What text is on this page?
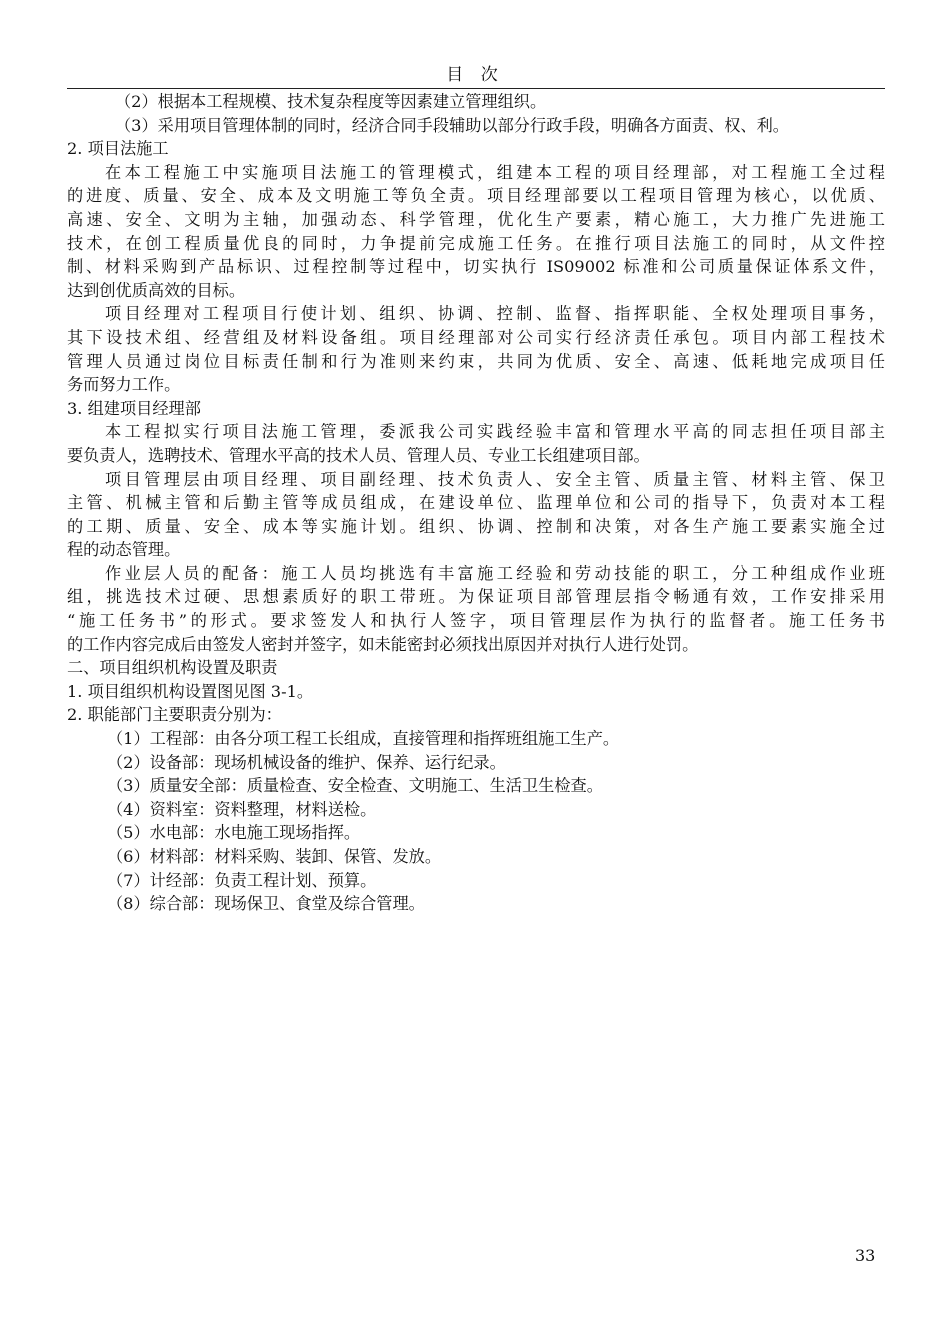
目 次
（2）根据本工程规模、技术复杂程度等因素建立管理组织。
（3）采用项目管理体制的同时，经济合同手段辅助以部分行政手段，明确各方面责、权、利。
2. 项目法施工
在本工程施工中实施项目法施工的管理模式，组建本工程的项目经理部，对工程施工全过程
的进度、质量、安全、成本及文明施工等负全责。项目经理部要以工程项目管理为核心，以优质、
高速、安全、文明为主轴，加强动态、科学管理，优化生产要素，精心施工，大力推广先进施工
技术，在创工程质量优良的同时，力争提前完成施工任务。在推行项目法施工的同时，从文件控
制、材料采购到产品标识、过程控制等过程中，切实执行 IS09002 标准和公司质量保证体系文件，
达到创优质高效的目标。
项目经理对工程项目行使计划、组织、协调、控制、监督、指挥职能、全权处理项目事务，
其下设技术组、经营组及材料设备组。项目经理部对公司实行经济责任承包。项目内部工程技术
管理人员通过岗位目标责任制和行为准则来约束，共同为优质、安全、高速、低耗地完成项目任
务而努力工作。
3. 组建项目经理部
本工程拟实行项目法施工管理，委派我公司实践经验丰富和管理水平高的同志担任项目部主
要负责人，选聘技术、管理水平高的技术人员、管理人员、专业工长组建项目部。
项目管理层由项目经理、项目副经理、技术负责人、安全主管、质量主管、材料主管、保卫
主管、机械主管和后勤主管等成员组成，在建设单位、监理单位和公司的指导下，负责对本工程
的工期、质量、安全、成本等实施计划。组织、协调、控制和决策，对各生产施工要素实施全过
程的动态管理。
作业层人员的配备：施工人员均挑选有丰富施工经验和劳动技能的职工，分工种组成作业班
组，挑选技术过硬、思想素质好的职工带班。为保证项目部管理层指令畅通有效，工作安排采用
“施工任务书”的形式。要求签发人和执行人签字，项目管理层作为执行的监督者。施工任务书
的工作内容完成后由签发人密封并签字，如未能密封必须找出原因并对执行人进行处罚。
二、项目组织机构设置及职责
1. 项目组织机构设置图见图 3-1。
2. 职能部门主要职责分别为：
（1）工程部：由各分项工程工长组成，直接管理和指挥班组施工生产。
（2）设备部：现场机械设备的维护、保养、运行纪录。
（3）质量安全部：质量检查、安全检查、文明施工、生活卫生检查。
（4）资料室：资料整理，材料送检。
（5）水电部：水电施工现场指挥。
（6）材料部：材料采购、装卸、保管、发放。
（7）计经部：负责工程计划、预算。
（8）综合部：现场保卫、食堂及综合管理。
33
